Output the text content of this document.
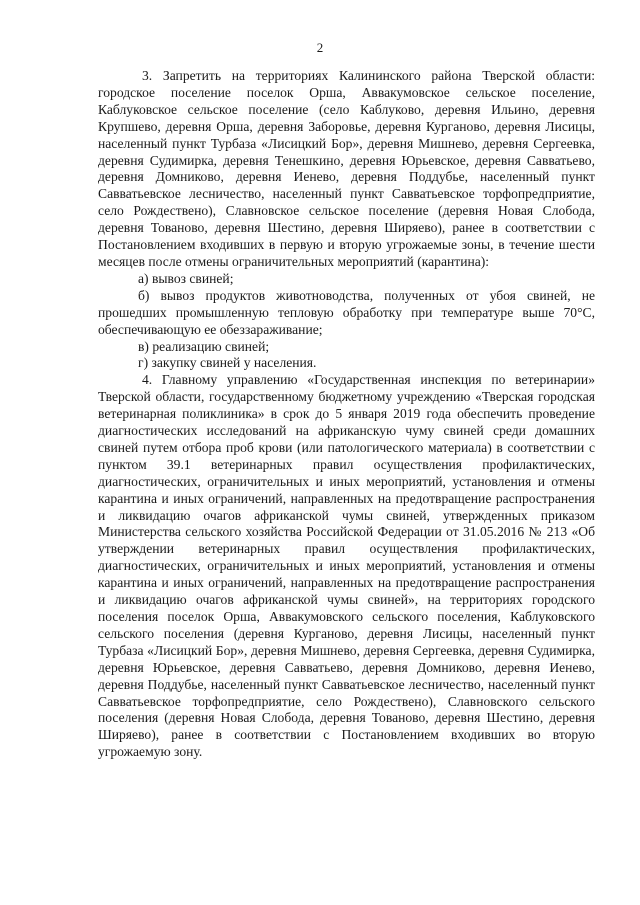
2

3. Запретить на территориях Калининского района Тверской области: городское поселение поселок Орша, Аввакумовское сельское поселение, Каблуковское сельское поселение (село Каблуково, деревня Ильино, деревня Крупшево, деревня Орша, деревня Заборовье, деревня Курганово, деревня Лисицы, населенный пункт Турбаза «Лисицкий Бор», деревня Мишнево, деревня Сергеевка, деревня Судимирка, деревня Тенешкино, деревня Юрьевское, деревня Савватьево, деревня Домниково, деревня Иенево, деревня Поддубье, населенный пункт Савватьевское лесничество, населенный пункт Савватьевское торфопредприятие, село Рождествено), Славновское сельское поселение (деревня Новая Слобода, деревня Тованово, деревня Шестино, деревня Ширяево), ранее в соответствии с Постановлением входивших в первую и вторую угрожаемые зоны, в течение шести месяцев после отмены ограничительных мероприятий (карантина):

а) вывоз свиней;

б) вывоз продуктов животноводства, полученных от убоя свиней, не прошедших промышленную тепловую обработку при температуре выше 70°С, обеспечивающую ее обеззараживание;

в) реализацию свиней;

г) закупку свиней у населения.

4. Главному управлению «Государственная инспекция по ветеринарии» Тверской области, государственному бюджетному учреждению «Тверская городская ветеринарная поликлиника» в срок до 5 января 2019 года обеспечить проведение диагностических исследований на африканскую чуму свиней среди домашних свиней путем отбора проб крови (или патологического материала) в соответствии с пунктом 39.1 ветеринарных правил осуществления профилактических, диагностических, ограничительных и иных мероприятий, установления и отмены карантина и иных ограничений, направленных на предотвращение распространения и ликвидацию очагов африканской чумы свиней, утвержденных приказом Министерства сельского хозяйства Российской Федерации от 31.05.2016 № 213 «Об утверждении ветеринарных правил осуществления профилактических, диагностических, ограничительных и иных мероприятий, установления и отмены карантина и иных ограничений, направленных на предотвращение распространения и ликвидацию очагов африканской чумы свиней», на территориях городского поселения поселок Орша, Аввакумовского сельского поселения, Каблуковского сельского поселения (деревня Курганово, деревня Лисицы, населенный пункт Турбаза «Лисицкий Бор», деревня Мишнево, деревня Сергеевка, деревня Судимирка, деревня Юрьевское, деревня Савватьево, деревня Домниково, деревня Иенево, деревня Поддубье, населенный пункт Савватьевское лесничество, населенный пункт Савватьевское торфопредприятие, село Рождествено), Славновского сельского поселения (деревня Новая Слобода, деревня Тованово, деревня Шестино, деревня Ширяево), ранее в соответствии с Постановлением входивших во вторую угрожаемую зону.
